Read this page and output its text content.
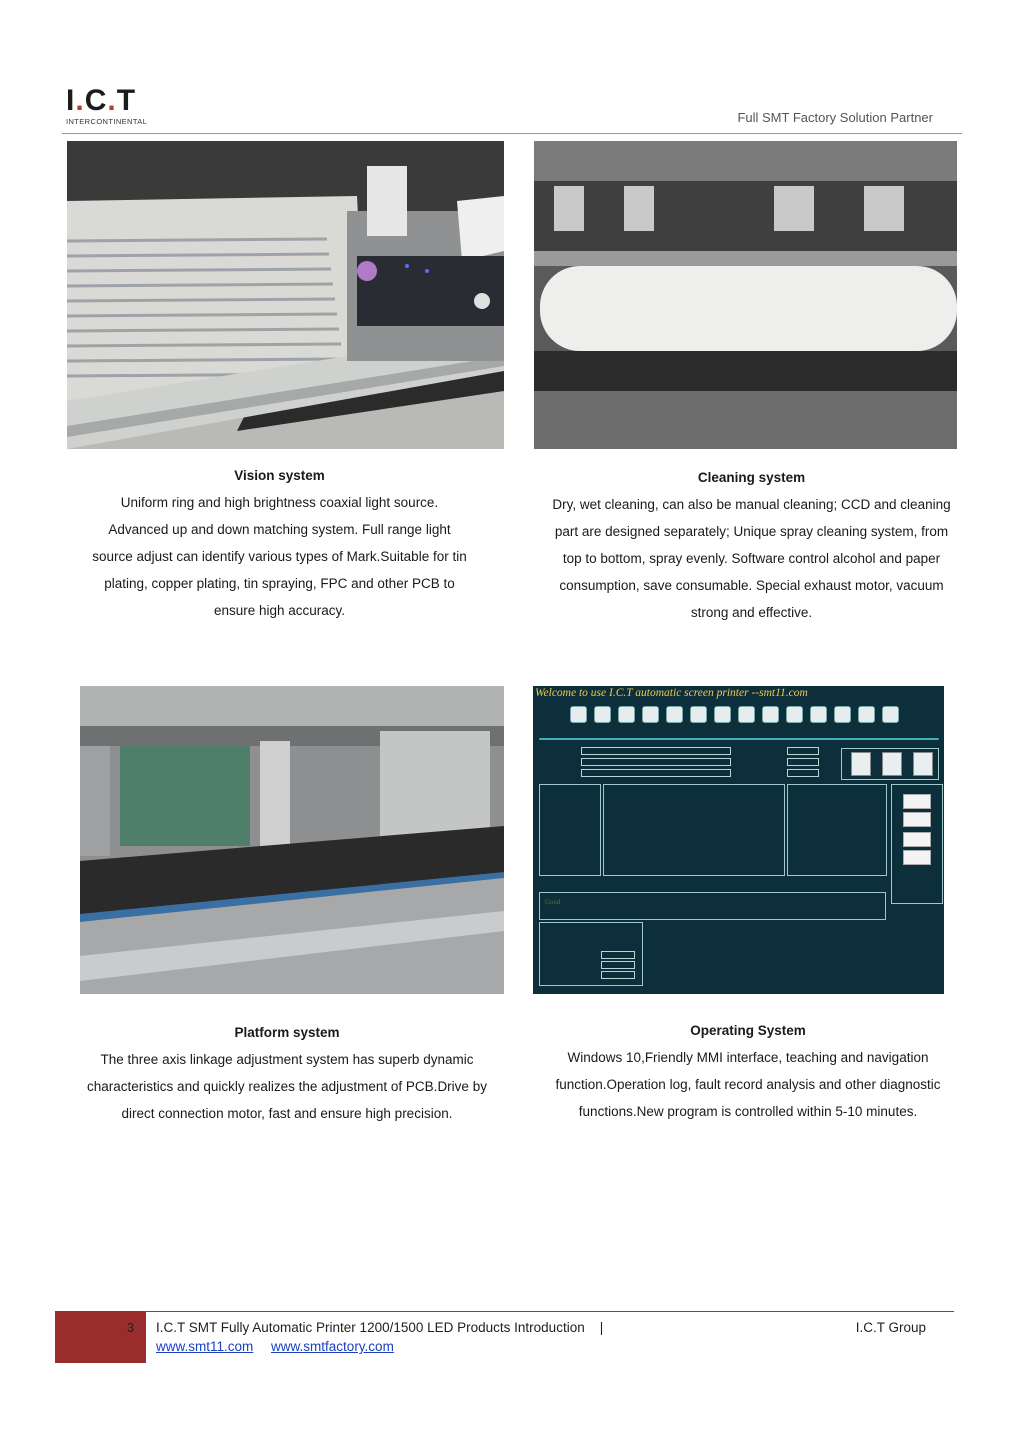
I.C.T
INTERCONTINENTAL	Full SMT Factory Solution Partner
Vision system
Uniform ring and high brightness coaxial light source.
Advanced up and down matching system. Full range light
source adjust can identify various types of Mark.Suitable for tin
plating, copper plating, tin spraying, FPC and other PCB to
ensure high accuracy.
Cleaning system
Dry, wet cleaning, can also be manual cleaning; CCD and cleaning
part are designed separately; Unique spray cleaning system, from
top to bottom, spray evenly. Software control alcohol and paper
consumption, save consumable. Special exhaust motor, vacuum
strong and effective.
Welcome to use I.C.T automatic screen printer --smt11.com
Good
Platform system
The three axis linkage adjustment system has superb dynamic
characteristics and quickly realizes the adjustment of PCB.Drive by
direct connection motor, fast and ensure high precision.
Operating System
Windows 10,Friendly MMI interface, teaching and navigation
function.Operation log, fault record analysis and other diagnostic
functions.New program is controlled within 5-10 minutes.
3 I.C.T SMT Fully Automatic Printer 1200/1500 LED Products Introduction |	I.C.T Group
www.smt11.com www.smtfactory.com
